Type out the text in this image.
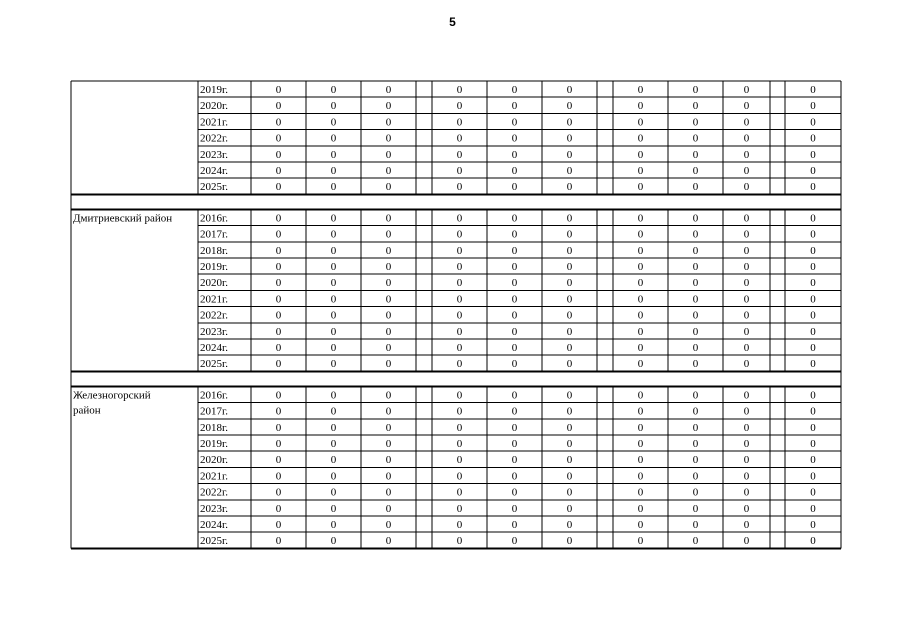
5
2019г.	0	0	0	0	0	0	0	0	0	0
2020г.	0	0	0	0	0	0	0	0	0	0
2021г.	0	0	0	0	0	0	0	0	0	0
2022г.	0	0	0	0	0	0	0	0	0	0
2023г.	0	0	0	0	0	0	0	0	0	0
2024г.	0	0	0	0	0	0	0	0	0	0
2025г.	0	0	0	0	0	0	0	0	0	0
Дмитриевский район	2016г.	0	0	0	0	0	0	0	0	0	0
2017г.	0	0	0	0	0	0	0	0	0	0
2018г.	0	0	0	0	0	0	0	0	0	0
2019г.	0	0	0	0	0	0	0	0	0	0
2020г.	0	0	0	0	0	0	0	0	0	0
2021г.	0	0	0	0	0	0	0	0	0	0
2022г.	0	0	0	0	0	0	0	0	0	0
2023г.	0	0	0	0	0	0	0	0	0	0
2024г.	0	0	0	0	0	0	0	0	0	0
2025г.	0	0	0	0	0	0	0	0	0	0
Железногорский район
2016г.	0	0	0	0	0	0	0	0	0	0
2017г.	0	0	0	0	0	0	0	0	0	0
2018г.	0	0	0	0	0	0	0	0	0	0
2019г.	0	0	0	0	0	0	0	0	0	0
2020г.	0	0	0	0	0	0	0	0	0	0
2021г.	0	0	0	0	0	0	0	0	0	0
2022г.	0	0	0	0	0	0	0	0	0	0
2023г.	0	0	0	0	0	0	0	0	0	0
2024г.	0	0	0	0	0	0	0	0	0	0
2025г.	0	0	0	0	0	0	0	0	0	0
